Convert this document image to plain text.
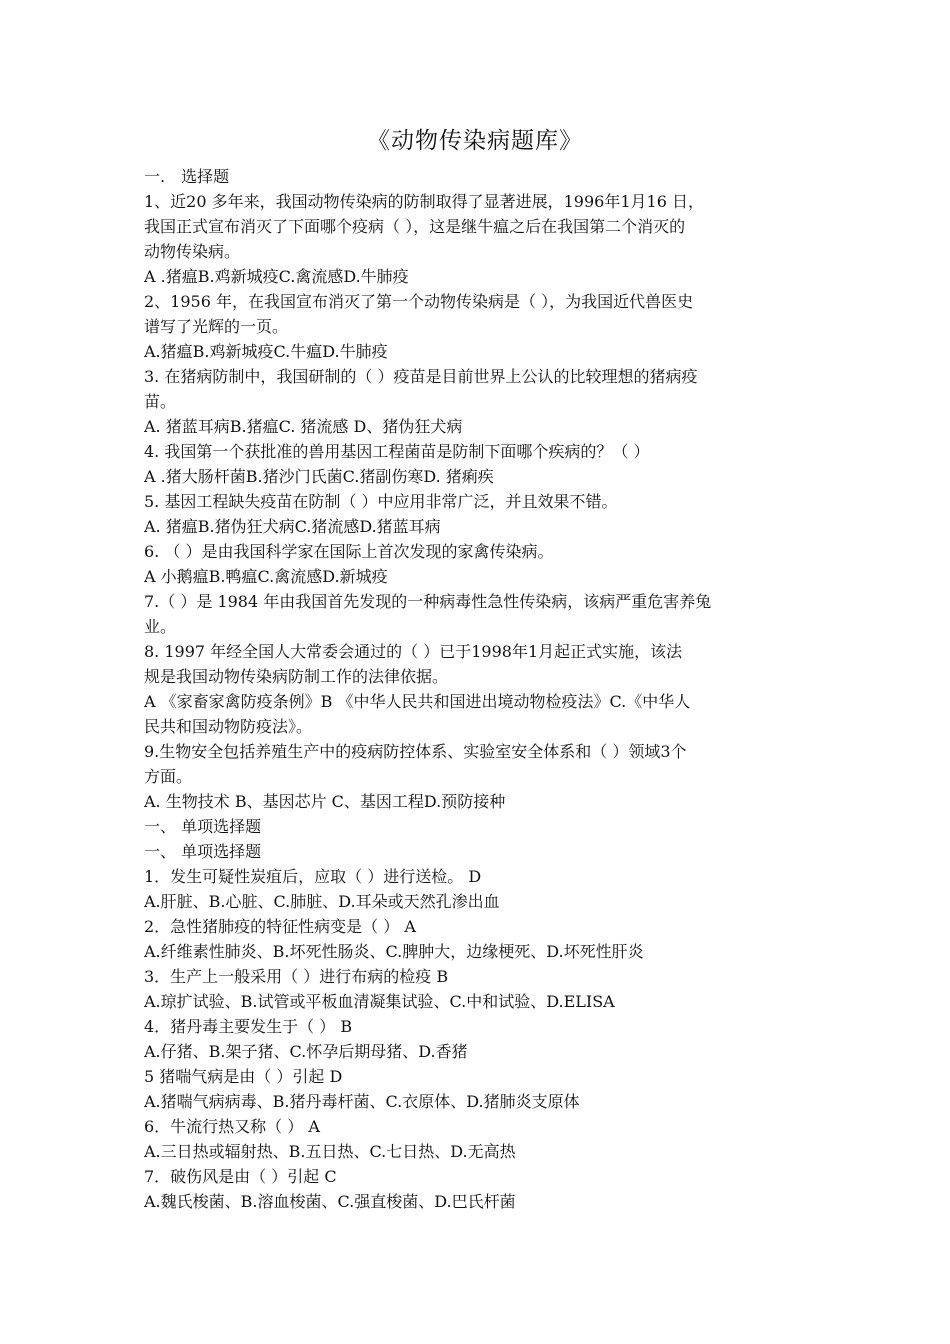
《动物传染病题库》
一.　选择题
1、近20 多年来，我国动物传染病的防制取得了显著进展，1996年1月16 日，
我国正式宣布消灭了下面哪个疫病（ ），这是继牛瘟之后在我国第二个消灭的
动物传染病。
A .猪瘟B.鸡新城疫C.禽流感D.牛肺疫
2、1956 年，在我国宣布消灭了第一个动物传染病是（ ），为我国近代兽医史
谱写了光辉的一页。
A.猪瘟B.鸡新城疫C.牛瘟D.牛肺疫
3. 在猪病防制中，我国研制的（ ）疫苗是目前世界上公认的比较理想的猪病疫
苗。
A. 猪蓝耳病B.猪瘟C. 猪流感 D、猪伪狂犬病
4. 我国第一个获批准的兽用基因工程菌苗是防制下面哪个疾病的？（ ）
A .猪大肠杆菌B.猪沙门氏菌C.猪副伤寒D. 猪痢疾
5. 基因工程缺失疫苗在防制（ ）中应用非常广泛，并且效果不错。
A. 猪瘟B.猪伪狂犬病C.猪流感D.猪蓝耳病
6. （ ）是由我国科学家在国际上首次发现的家禽传染病。
A 小鹅瘟B.鸭瘟C.禽流感D.新城疫
7.（ ）是 1984 年由我国首先发现的一种病毒性急性传染病，该病严重危害养兔
业。
8. 1997 年经全国人大常委会通过的（ ）已于1998年1月起正式实施，该法
规是我国动物传染病防制工作的法律依据。
A 《家畜家禽防疫条例》B 《中华人民共和国进出境动物检疫法》C.《中华人
民共和国动物防疫法》。
9.生物安全包括养殖生产中的疫病防控体系、实验室安全体系和（ ）领域3个
方面。
A. 生物技术 B、基因芯片 C、基因工程D.预防接种
一、 单项选择题
一、 单项选择题
1．发生可疑性炭疽后，应取（ ）进行送检。 D
A.肝脏、B.心脏、C.肺脏、D.耳朵或天然孔渗出血
2．急性猪肺疫的特征性病变是（ ） A
A.纤维素性肺炎、B.坏死性肠炎、C.脾肿大，边缘梗死、D.坏死性肝炎
3．生产上一般采用（ ）进行布病的检疫 B
A.琼扩试验、B.试管或平板血清凝集试验、C.中和试验、D.ELISA
4．猪丹毒主要发生于（ ） B
A.仔猪、B.架子猪、C.怀孕后期母猪、D.香猪
5 猪喘气病是由（ ）引起 D
A.猪喘气病病毒、B.猪丹毒杆菌、C.衣原体、D.猪肺炎支原体
6．牛流行热又称（ ） A
A.三日热或辐射热、B.五日热、C.七日热、D.无高热
7．破伤风是由（ ）引起 C
A.魏氏梭菌、B.溶血梭菌、C.强直梭菌、D.巴氏杆菌
